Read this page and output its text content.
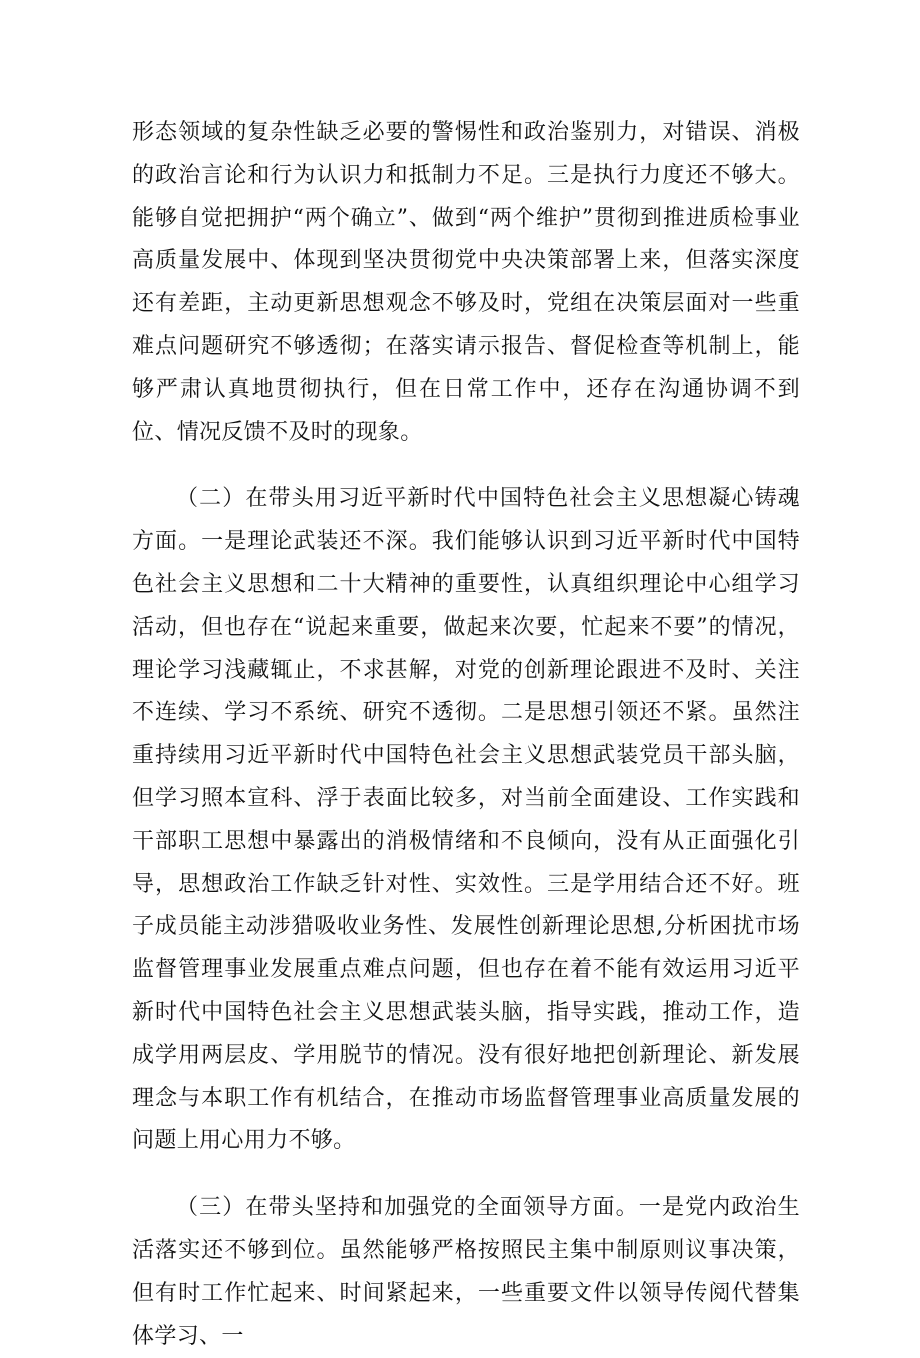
形态领域的复杂性缺乏必要的警惕性和政治鉴别力，对错误、消极的政治言论和行为认识力和抵制力不足。三是执行力度还不够大。能够自觉把拥护“两个确立”、做到“两个维护”贯彻到推进质检事业高质量发展中、体现到坚决贯彻党中央决策部署上来，但落实深度还有差距，主动更新思想观念不够及时，党组在决策层面对一些重难点问题研究不够透彻；在落实请示报告、督促检查等机制上，能够严肃认真地贯彻执行，但在日常工作中，还存在沟通协调不到位、情况反馈不及时的现象。

（二）在带头用习近平新时代中国特色社会主义思想凝心铸魂方面。一是理论武装还不深。我们能够认识到习近平新时代中国特色社会主义思想和二十大精神的重要性，认真组织理论中心组学习活动，但也存在“说起来重要，做起来次要，忙起来不要”的情况，理论学习浅藏辄止，不求甚解，对党的创新理论跟进不及时、关注不连续、学习不系统、研究不透彻。二是思想引领还不紧。虽然注重持续用习近平新时代中国特色社会主义思想武装党员干部头脑，但学习照本宣科、浮于表面比较多，对当前全面建设、工作实践和干部职工思想中暴露出的消极情绪和不良倾向，没有从正面强化引导，思想政治工作缺乏针对性、实效性。三是学用结合还不好。班子成员能主动涉猎吸收业务性、发展性创新理论思想,分析困扰市场监督管理事业发展重点难点问题，但也存在着不能有效运用习近平新时代中国特色社会主义思想武装头脑，指导实践，推动工作，造成学用两层皮、学用脱节的情况。没有很好地把创新理论、新发展理念与本职工作有机结合，在推动市场监督管理事业高质量发展的问题上用心用力不够。

（三）在带头坚持和加强党的全面领导方面。一是党内政治生活落实还不够到位。虽然能够严格按照民主集中制原则议事决策，但有时工作忙起来、时间紧起来，一些重要文件以领导传阅代替集体学习、一
